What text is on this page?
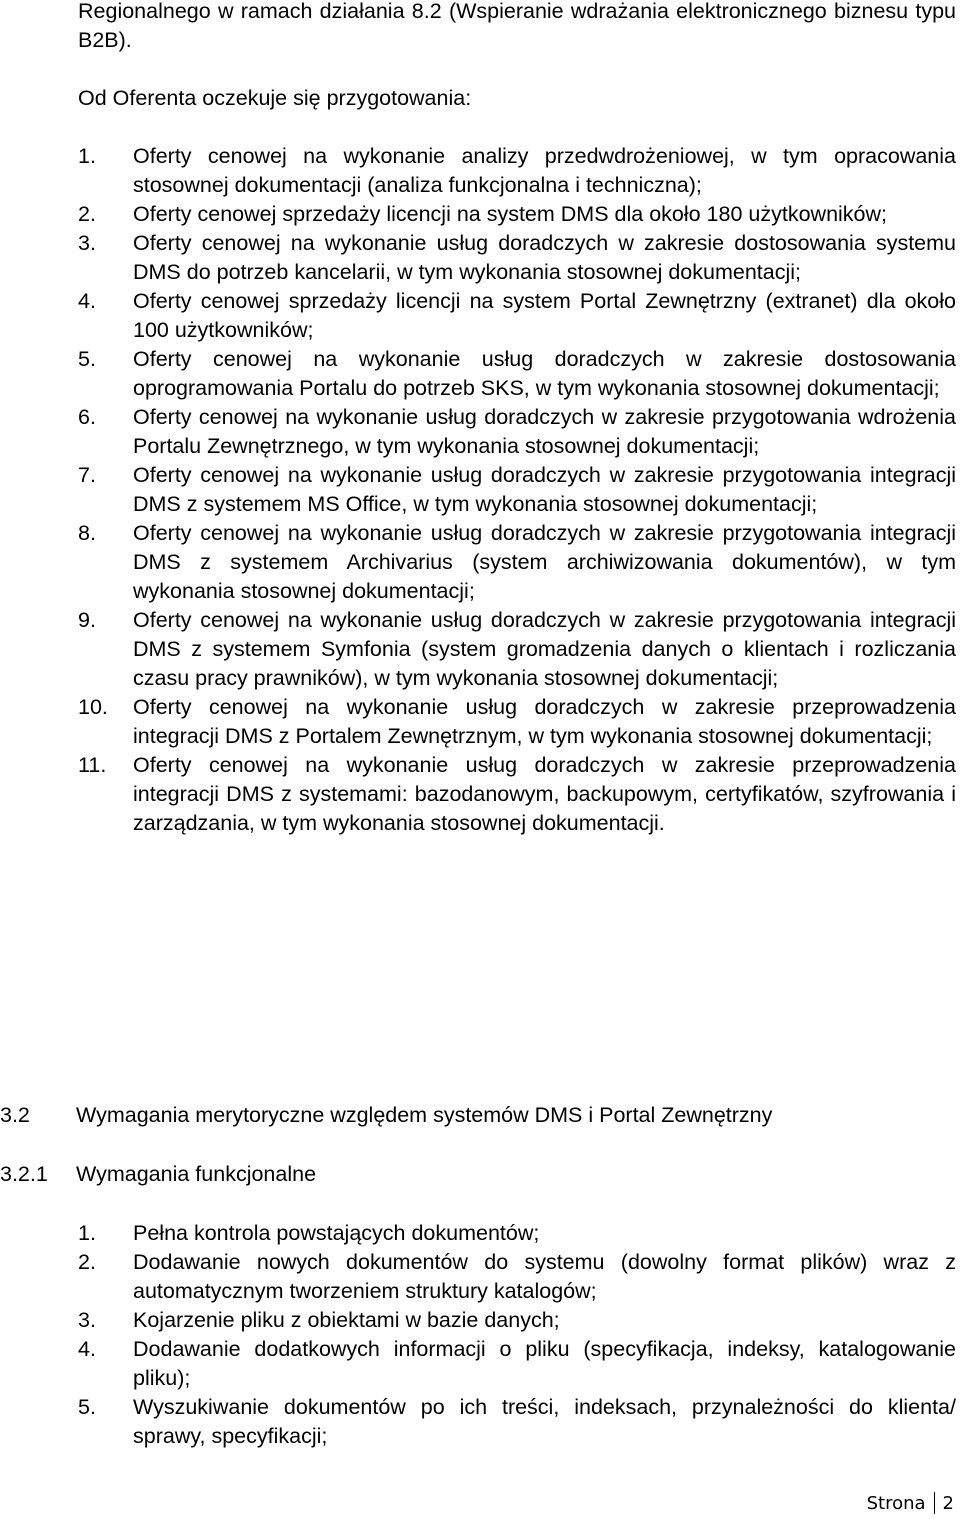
Regionalnego w ramach działania 8.2 (Wspieranie wdrażania elektronicznego biznesu typu B2B).
Od Oferenta oczekuje się przygotowania:
1. Oferty cenowej na wykonanie analizy przedwdrożeniowej, w tym opracowania stosownej dokumentacji (analiza funkcjonalna i techniczna);
2. Oferty cenowej sprzedaży licencji na system DMS dla około 180 użytkowników;
3. Oferty cenowej na wykonanie usług doradczych w zakresie dostosowania systemu DMS do potrzeb kancelarii, w tym wykonania stosownej dokumentacji;
4. Oferty cenowej sprzedaży licencji na system Portal Zewnętrzny (extranet) dla około 100 użytkowników;
5. Oferty cenowej na wykonanie usług doradczych w zakresie dostosowania oprogramowania Portalu do potrzeb SKS, w tym wykonania stosownej dokumentacji;
6. Oferty cenowej na wykonanie usług doradczych w zakresie przygotowania wdrożenia Portalu Zewnętrznego, w tym wykonania stosownej dokumentacji;
7. Oferty cenowej na wykonanie usług doradczych w zakresie przygotowania integracji DMS z systemem MS Office, w tym wykonania stosownej dokumentacji;
8. Oferty cenowej na wykonanie usług doradczych w zakresie przygotowania integracji DMS z systemem Archivarius (system archiwizowania dokumentów), w tym wykonania stosownej dokumentacji;
9. Oferty cenowej na wykonanie usług doradczych w zakresie przygotowania integracji DMS z systemem Symfonia (system gromadzenia danych o klientach i rozliczania czasu pracy prawników), w tym wykonania stosownej dokumentacji;
10. Oferty cenowej na wykonanie usług doradczych w zakresie przeprowadzenia integracji DMS z Portalem Zewnętrznym, w tym wykonania stosownej dokumentacji;
11. Oferty cenowej na wykonanie usług doradczych w zakresie przeprowadzenia integracji DMS z systemami: bazodanowym, backupowym, certyfikatów, szyfrowania i zarządzania, w tym wykonania stosownej dokumentacji.
3.2 Wymagania merytoryczne względem systemów DMS i Portal Zewnętrzny
3.2.1 Wymagania funkcjonalne
1. Pełna kontrola powstających dokumentów;
2. Dodawanie nowych dokumentów do systemu (dowolny format plików) wraz z automatycznym tworzeniem struktury katalogów;
3. Kojarzenie pliku z obiektami w bazie danych;
4. Dodawanie dodatkowych informacji o pliku (specyfikacja, indeksy, katalogowanie pliku);
5. Wyszukiwanie dokumentów po ich treści, indeksach, przynależności do klienta/ sprawy, specyfikacji;
Strona 2
